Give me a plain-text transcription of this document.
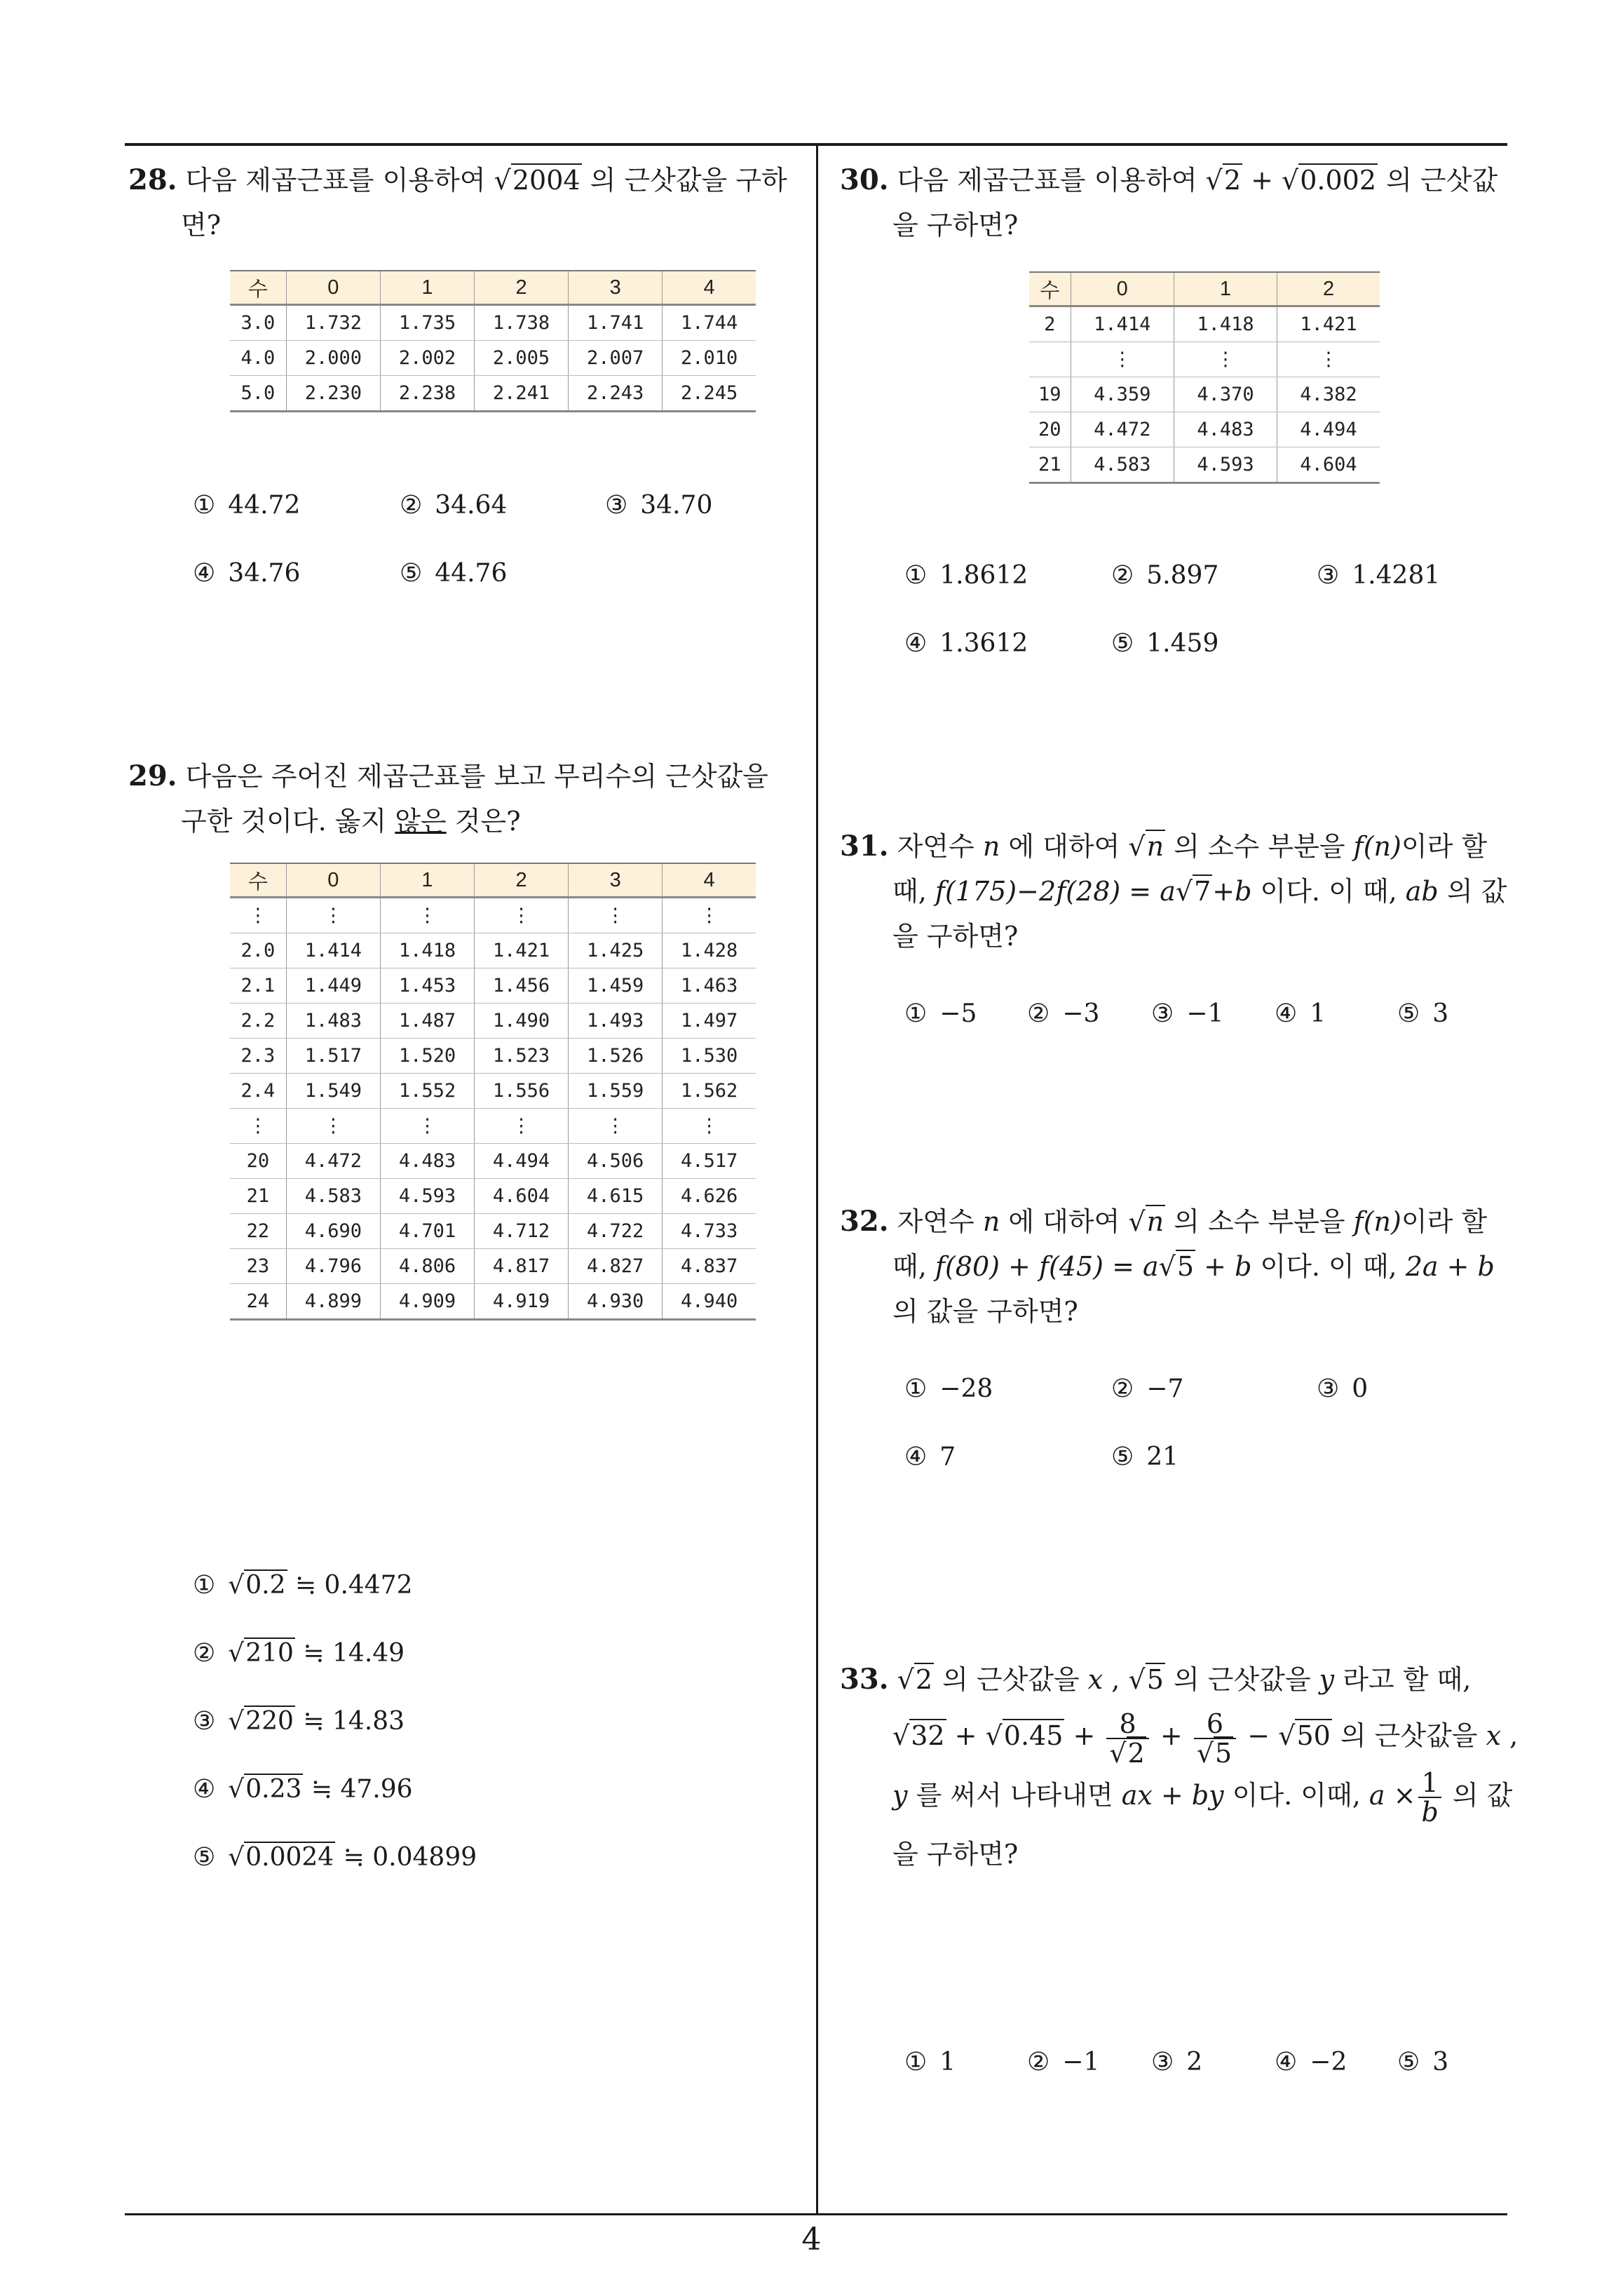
28. 다음 제곱근표를 이용하여 √2004 의 근삿값을 구하면?
수	0	1	2	3	4
3.0	1.732	1.735	1.738	1.741	1.744
4.0	2.000	2.002	2.005	2.007	2.010
5.0	2.230	2.238	2.241	2.243	2.245
① 44.72	② 34.64	③ 34.70
④ 34.76	⑤ 44.76
29. 다음은 주어진 제곱근표를 보고 무리수의 근삿값을 구한 것이다. 옳지 않은 것은?
수	0	1	2	3	4
⋮	⋮	⋮	⋮	⋮	⋮
2.0	1.414	1.418	1.421	1.425	1.428
2.1	1.449	1.453	1.456	1.459	1.463
2.2	1.483	1.487	1.490	1.493	1.497
2.3	1.517	1.520	1.523	1.526	1.530
2.4	1.549	1.552	1.556	1.559	1.562
⋮	⋮	⋮	⋮	⋮	⋮
20	4.472	4.483	4.494	4.506	4.517
21	4.583	4.593	4.604	4.615	4.626
22	4.690	4.701	4.712	4.722	4.733
23	4.796	4.806	4.817	4.827	4.837
24	4.899	4.909	4.919	4.930	4.940
① √0.2 ≒ 0.4472
② √210 ≒ 14.49
③ √220 ≒ 14.83
④ √0.23 ≒ 47.96
⑤ √0.0024 ≒ 0.04899
30. 다음 제곱근표를 이용하여 √2 + √0.002 의 근삿값을 구하면?
수	0	1	2
2	1.414	1.418	1.421
	⋮	⋮	⋮
19	4.359	4.370	4.382
20	4.472	4.483	4.494
21	4.583	4.593	4.604
① 1.8612	② 5.897	③ 1.4281
④ 1.3612	⑤ 1.459
31. 자연수 n 에 대하여 √n 의 소수 부분을 f(n)이라 할 때, f(175)−2f(28) = a√7+b 이다. 이 때, ab 의 값을 구하면?
① −5 ② −3 ③ −1 ④ 1	⑤ 3
32. 자연수 n 에 대하여 √n 의 소수 부분을 f(n)이라 할 때, f(80) + f(45) = a√5 + b 이다. 이 때, 2a + b 의 값을 구하면?
① −28	② −7	③ 0
④ 7	⑤ 21
33. √2 의 근삿값을 x , √5 의 근삿값을 y 라고 할 때, $√32 + √0.45 + \frac{8}{√2} + \frac{6}{√5} - √50$ 의 근삿값을 x , y 를 써서 나타내면 ax + by 이다. 이때, $a \times \frac{1}{b}$ 의 값을 구하면?
① 1	② −1 ③ 2	④ −2 ⑤ 3
4
